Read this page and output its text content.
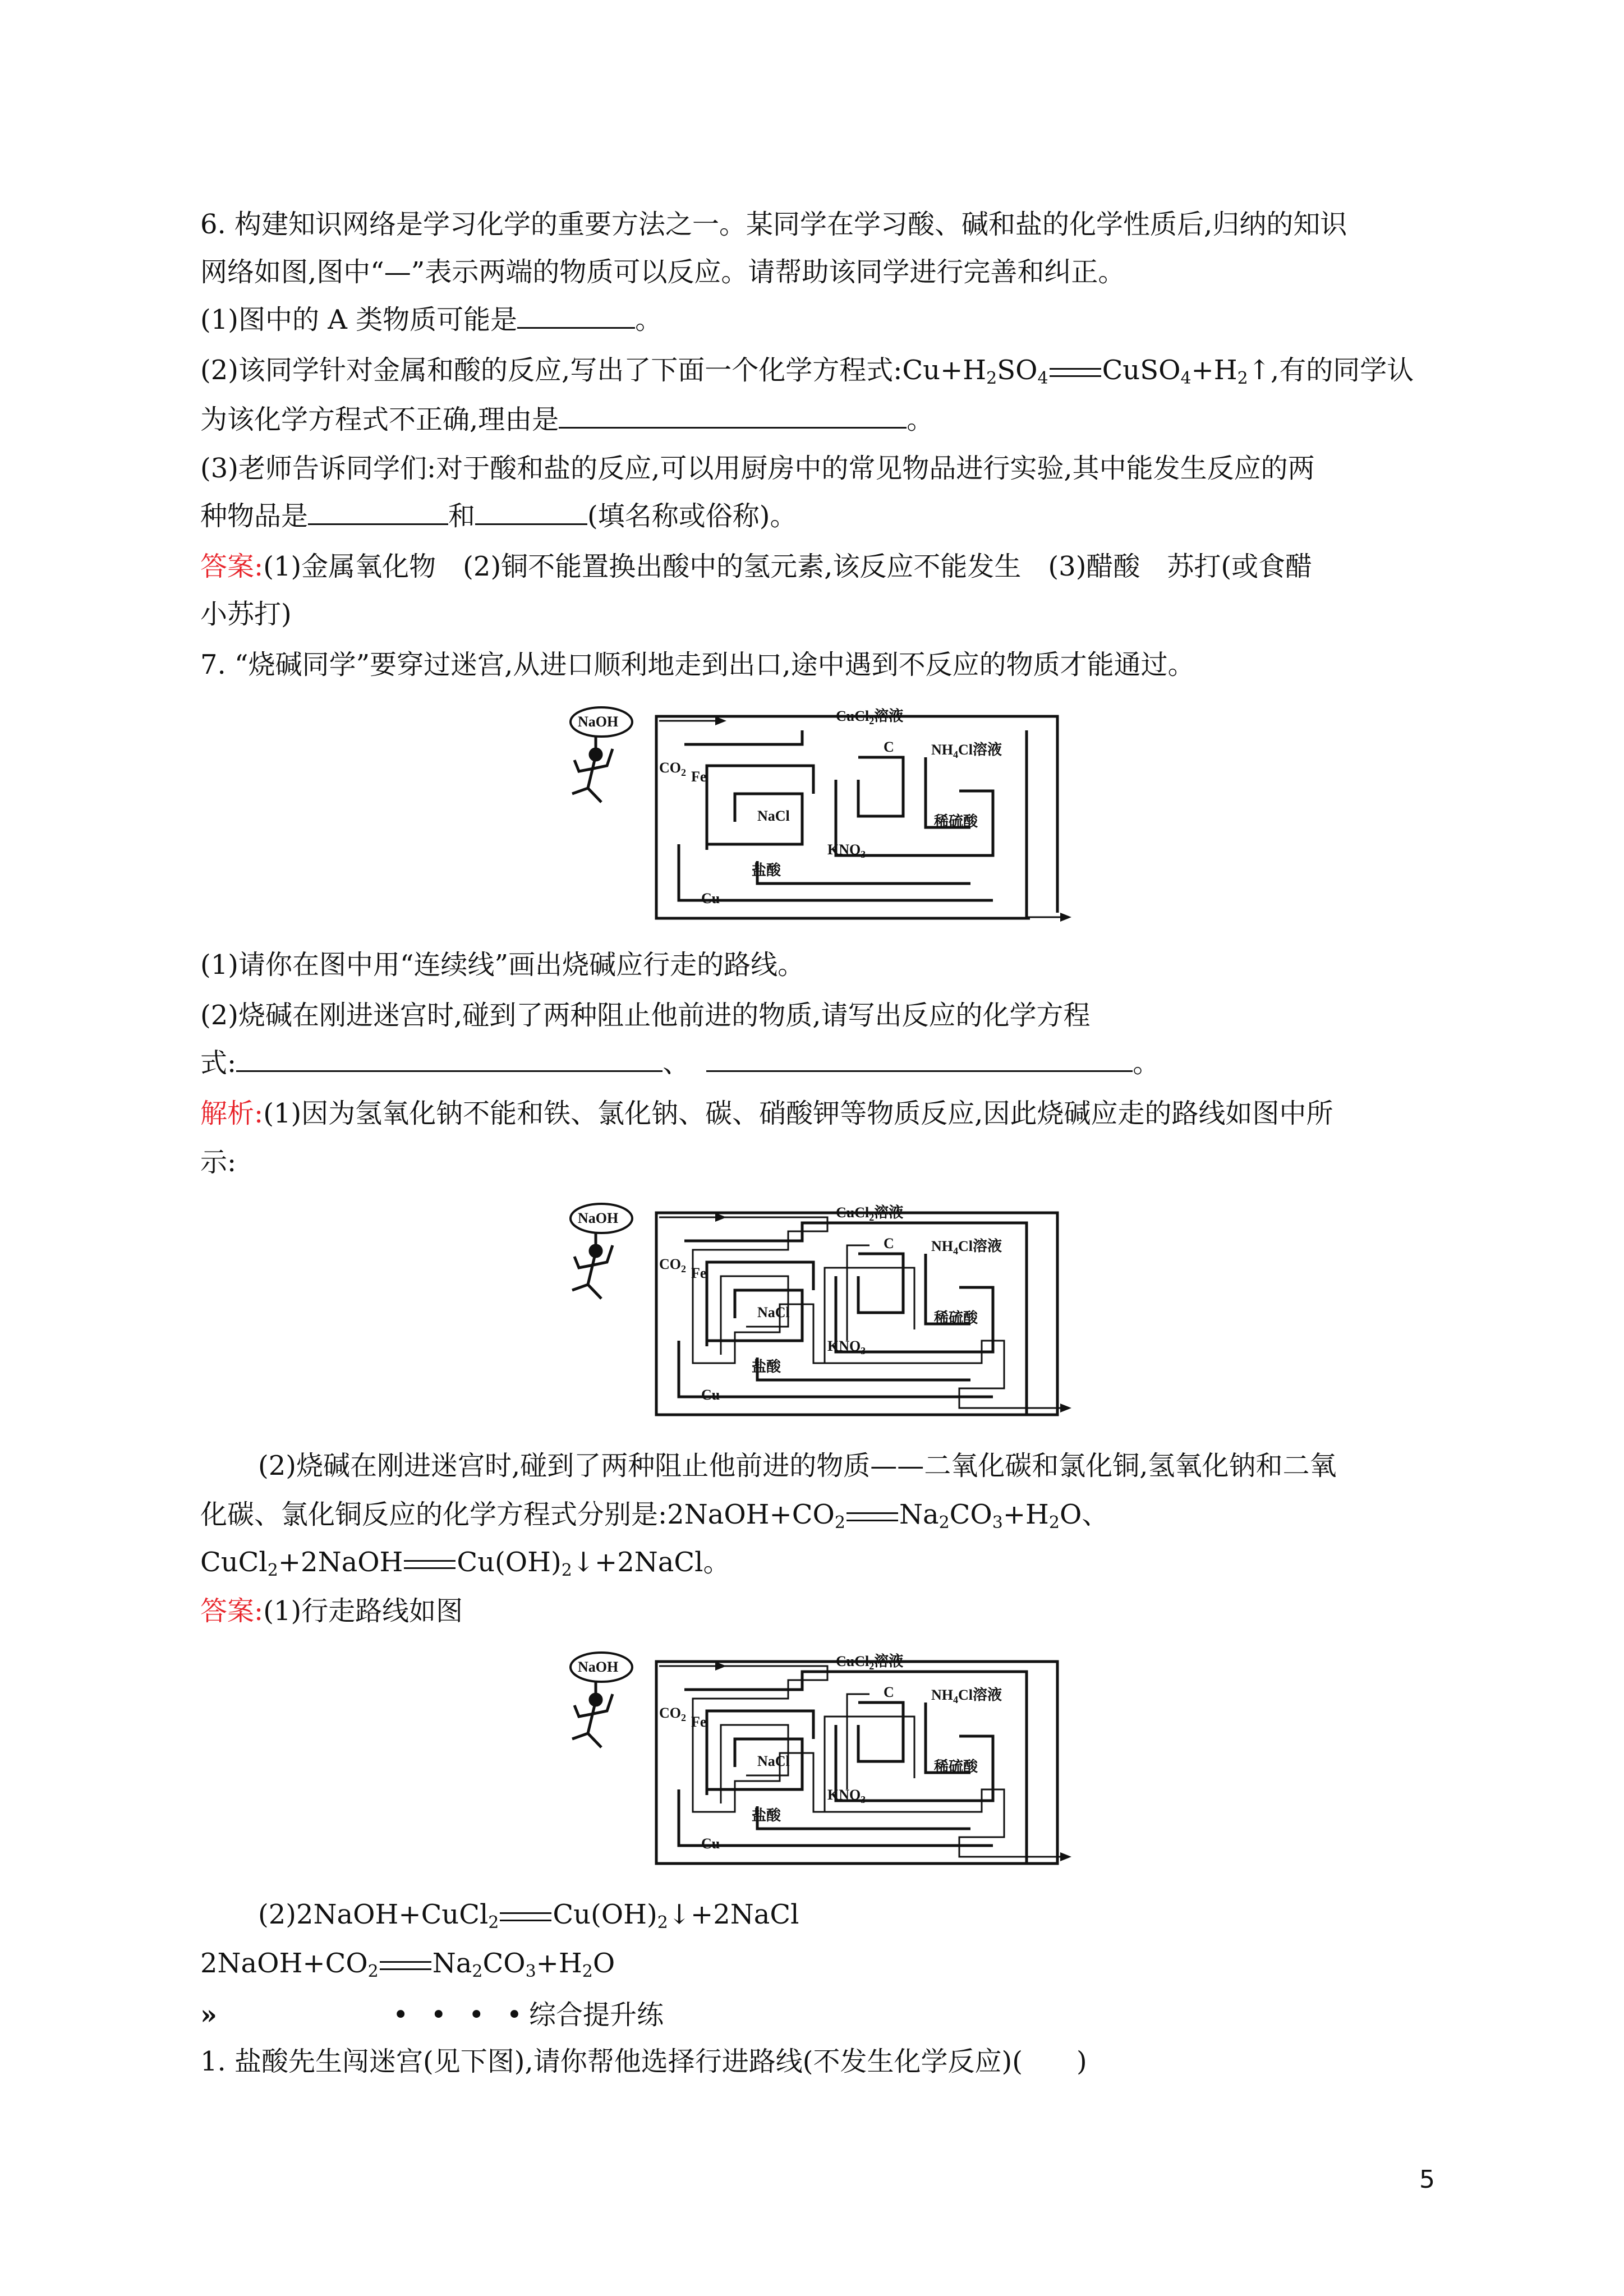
6. 构建知识网络是学习化学的重要方法之一。某同学在学习酸、碱和盐的化学性质后,归纳的知识
网络如图,图中“—”表示两端的物质可以反应。请帮助该同学进行完善和纠正。
(1)图中的 A 类物质可能是	。
(2)该同学针对金属和酸的反应,写出了下面一个化学方程式$:Cu+H_2SO_4$ $CuSO_4+H_2↑$,有的同学认
为该化学方程式不正确,理由是	。
(3)老师告诉同学们:对于酸和盐的反应,可以用厨房中的常见物品进行实验,其中能发生反应的两
种物品是	和	(填名称或俗称)。
答案:(1)金属氧化物　(2)铜不能置换出酸中的氢元素,该反应不能发生　(3)醋酸　苏打(或食醋
小苏打)
7. “烧碱同学”要穿过迷宫,从进口顺利地走到出口,途中遇到不反应的物质才能通过。
NaOH	CuCl$_2$溶液
C	$NH_4Cl$溶液
$CO_2$ Fe
NaCl	稀硫酸
$KNO_3$
盐酸
Cu
(1)请你在图中用“连续线”画出烧碱应行走的路线。
(2)烧碱在刚进迷宫时,碰到了两种阻止他前进的物质,请写出反应的化学方程
式:	、	。
解析:(1)因为氢氧化钠不能和铁、氯化钠、碳、硝酸钾等物质反应,因此烧碱应走的路线如图中所
示:
NaOH	CuCl$_2$溶液
C	$NH_4Cl$溶液
$CO_2$ Fe
NaCl	稀硫酸
$KNO_3$
盐酸
Cu
(2)烧碱在刚进迷宫时,碰到了两种阻止他前进的物质——二氧化碳和氯化铜,氢氧化钠和二氧
化碳、氯化铜反应的化学方程式分别是$:2NaOH+CO_2$ $Na_2CO_3+H_2O$、
CuCl$_2$+2NaOH $Cu(OH)_2↓+2NaCl$。
答案:(1)行走路线如图
NaOH	CuCl$_2$溶液
C	$NH_4Cl$溶液
$CO_2$ Fe
NaCl	稀硫酸
$KNO_3$
盐酸
Cu
(2)2NaOH+CuCl$_2$ $Cu(OH)_2↓+2NaCl$
$2NaOH+CO_2$ $Na_2CO_3+H_2O$
»	• • • •综合提升练
1. 盐酸先生闯迷宫(见下图),请你帮他选择行进路线(不发生化学反应)(　　)
5
